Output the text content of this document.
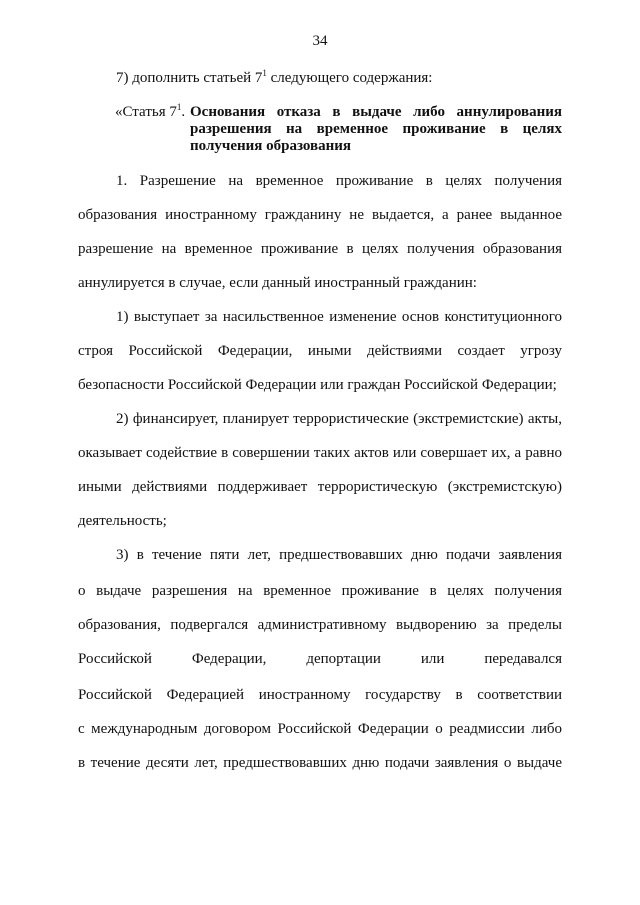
34
7) дополнить статьей $7^1$ следующего содержания:
«Статья $7^1$. Основания отказа в выдаче либо аннулирования
разрешения на временное проживание в целях
получения образования
1. Разрешение на временное проживание в целях получения
образования иностранному гражданину не выдается, а ранее выданное
разрешение на временное проживание в целях получения образования
аннулируется в случае, если данный иностранный гражданин:
1) выступает за насильственное изменение основ конституционного
строя Российской Федерации, иными действиями создает угрозу
безопасности Российской Федерации или граждан Российской Федерации;
2) финансирует, планирует террористические (экстремистские) акты,
оказывает содействие в совершении таких актов или совершает их, а равно
иными действиями поддерживает террористическую (экстремистскую)
деятельность;
3) в течение пяти лет, предшествовавших дню подачи заявления
о выдаче разрешения на временное проживание в целях получения
образования, подвергался административному выдворению за пределы
Российской Федерации, депортации или передавался
Российской Федерацией иностранному государству в соответствии
с международным договором Российской Федерации о реадмиссии либо
в течение десяти лет, предшествовавших дню подачи заявления о выдаче
